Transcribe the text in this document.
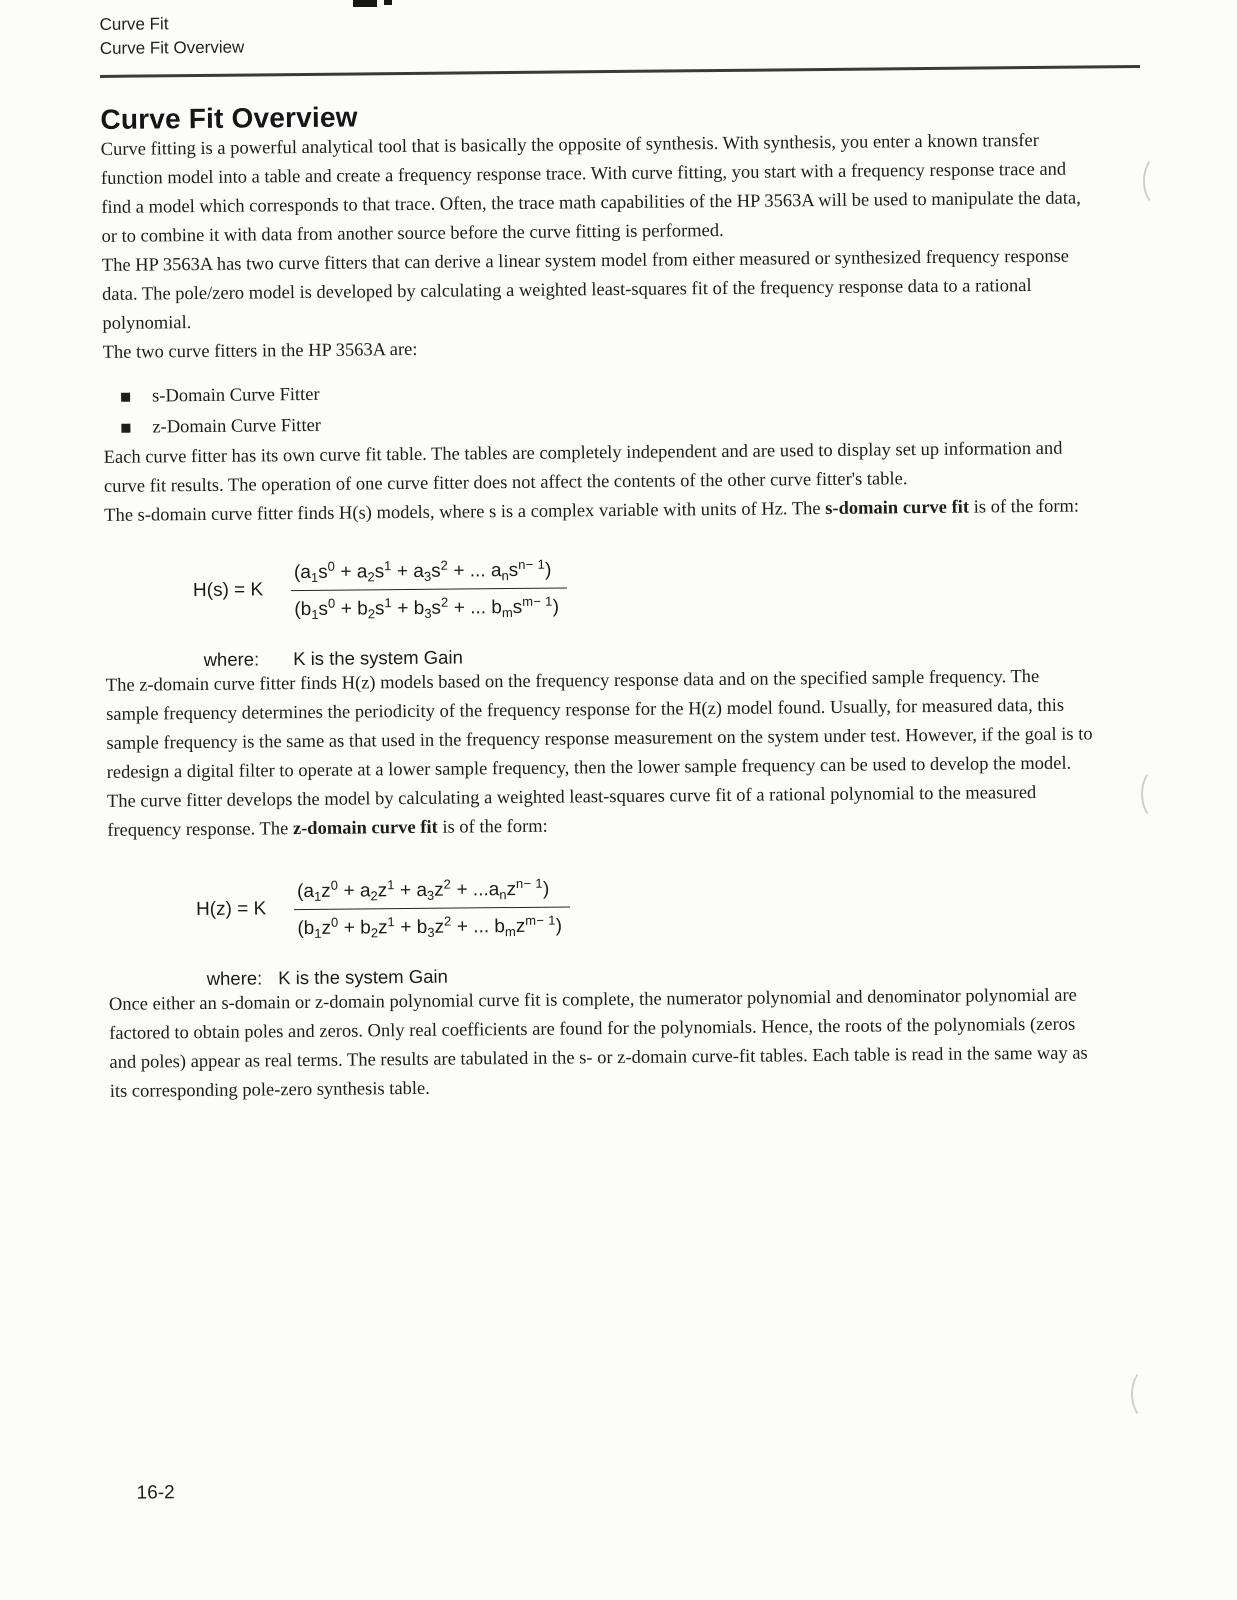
Curve Fit
Curve Fit Overview
Curve Fit Overview

Curve fitting is a powerful analytical tool that is basically the opposite of synthesis. With synthesis, you enter a known transfer function model into a table and create a frequency response trace. With curve fitting, you start with a frequency response trace and find a model which corresponds to that trace. Often, the trace math capabilities of the HP 3563A will be used to manipulate the data, or to combine it with data from another source before the curve fitting is performed.

The HP 3563A has two curve fitters that can derive a linear system model from either measured or synthesized frequency response data. The pole/zero model is developed by calculating a weighted least-squares fit of the frequency response data to a rational polynomial.

The two curve fitters in the HP 3563A are:

s-Domain Curve Fitter
z-Domain Curve Fitter

Each curve fitter has its own curve fit table. The tables are completely independent and are used to display set up information and curve fit results. The operation of one curve fitter does not affect the contents of the other curve fitter's table.

The s-domain curve fitter finds H(s) models, where s is a complex variable with units of Hz. The s-domain curve fit is of the form:

H(s) = K $\frac{(a_1s^0 + a_2s^1 + a_3s^2 + ... a_ns^{n- 1})}{(b_1s^0 + b_2s^1 + b_3s^2 + ... b_ms^{m- 1})}$
where: K is the system Gain

The z-domain curve fitter finds H(z) models based on the frequency response data and on the specified sample frequency. The sample frequency determines the periodicity of the frequency response for the H(z) model found. Usually, for measured data, this sample frequency is the same as that used in the frequency response measurement on the system under test. However, if the goal is to redesign a digital filter to operate at a lower sample frequency, then the lower sample frequency can be used to develop the model. The curve fitter develops the model by calculating a weighted least-squares curve fit of a rational polynomial to the measured frequency response. The z-domain curve fit is of the form:

H(z) = K $\frac{(a_1z^0 + a_2z^1 + a_3z^2 + ...a_nz^{n- 1})}{(b_1z^0 + b_2z^1 + b_3z^2 + ... b_mz^{m- 1})}$
where: K is the system Gain

Once either an s-domain or z-domain polynomial curve fit is complete, the numerator polynomial and denominator polynomial are factored to obtain poles and zeros. Only real coefficients are found for the polynomials. Hence, the roots of the polynomials (zeros and poles) appear as real terms. The results are tabulated in the s- or z-domain curve-fit tables. Each table is read in the same way as its corresponding pole-zero synthesis table.

16-2
